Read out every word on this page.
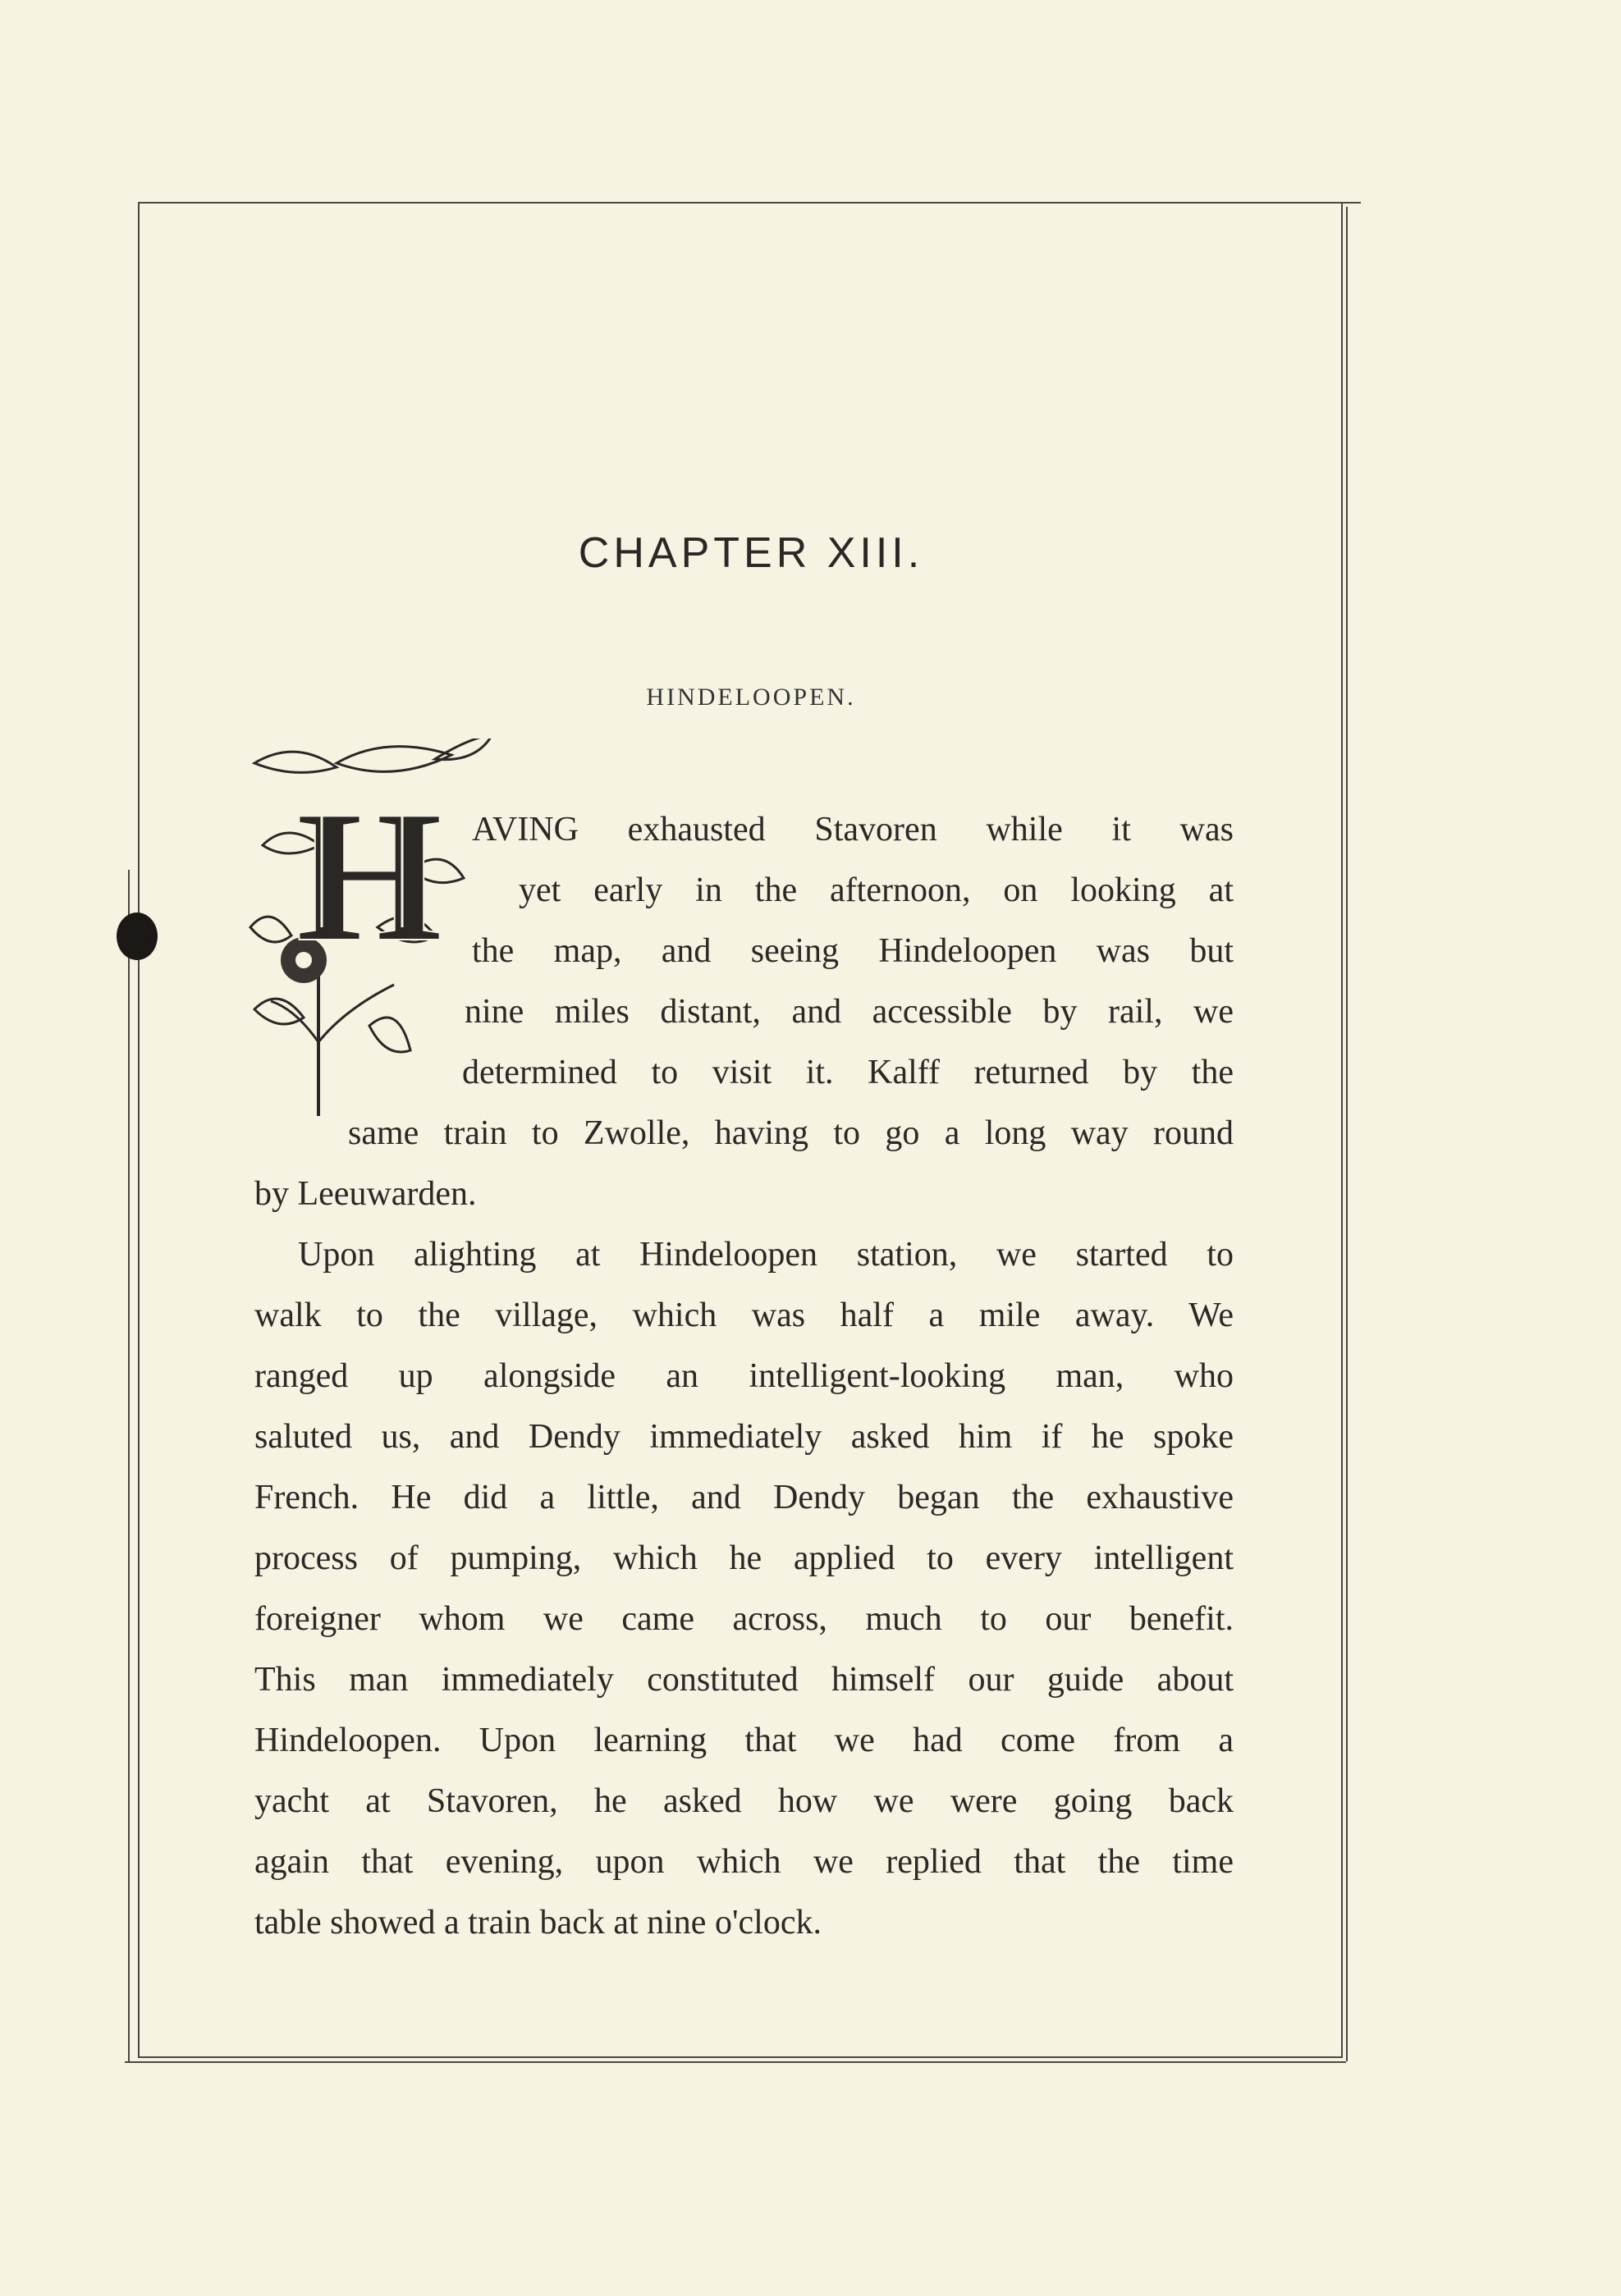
CHAPTER XIII.
HINDELOOPEN.
H AVING exhausted Stavoren while it was
yet early in the afternoon, on looking at
the map, and seeing Hindeloopen was but
nine miles distant, and accessible by rail, we
determined to visit it. Kalff returned by the
same train to Zwolle, having to go a long way round
by Leeuwarden.
Upon alighting at Hindeloopen station, we started to
walk to the village, which was half a mile away. We
ranged up alongside an intelligent-looking man, who
saluted us, and Dendy immediately asked him if he spoke
French. He did a little, and Dendy began the exhaustive
process of pumping, which he applied to every intelligent
foreigner whom we came across, much to our benefit.
This man immediately constituted himself our guide about
Hindeloopen. Upon learning that we had come from a
yacht at Stavoren, he asked how we were going back
again that evening, upon which we replied that the time
table showed a train back at nine o'clock.
